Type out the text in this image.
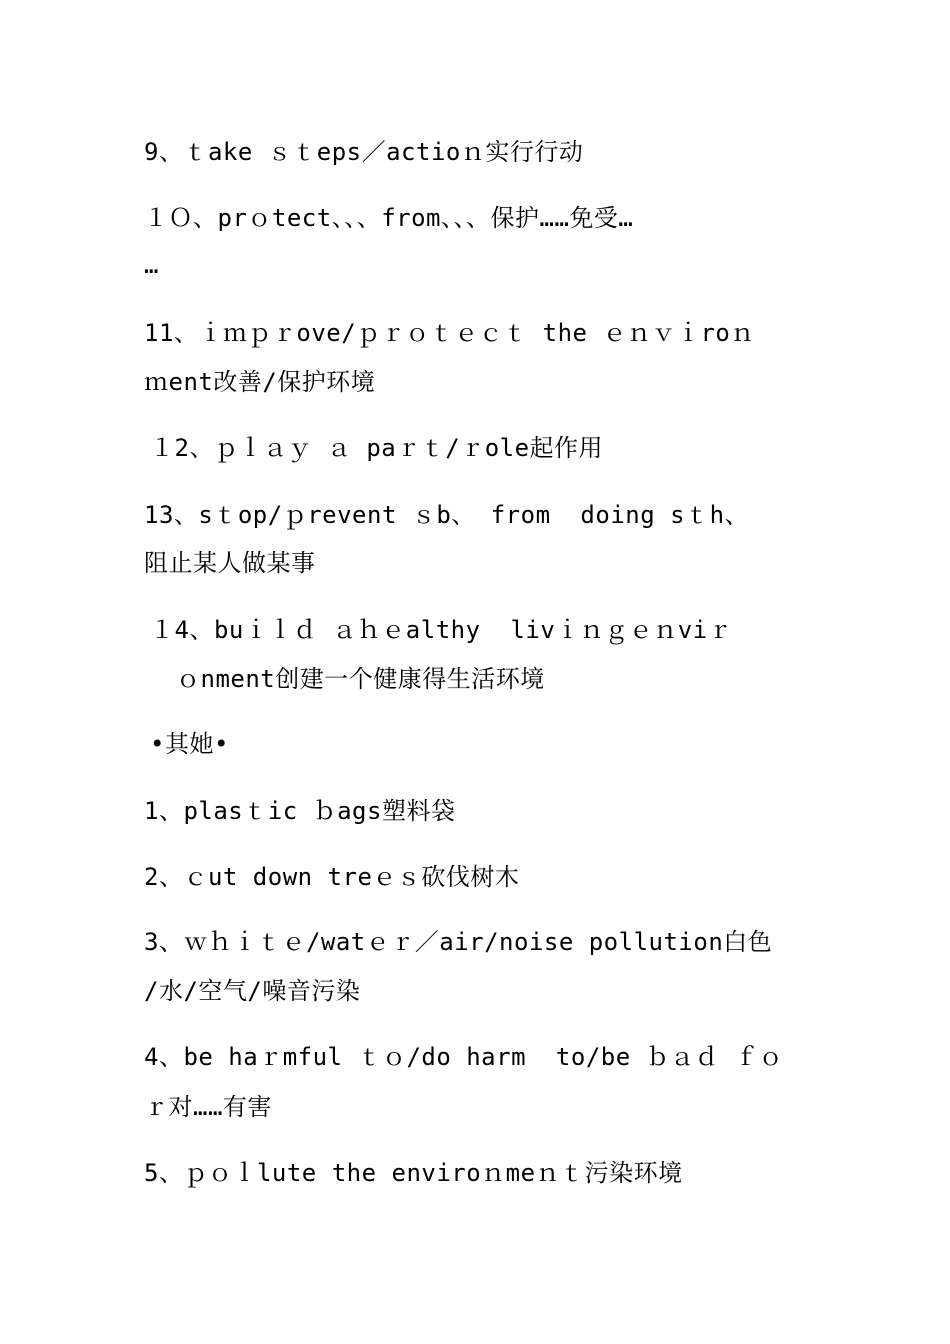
9、ｔake ｓｔeps／actioｎ实行行动
１Ｏ、prｏtect、、、from、、、保护……免受…
…
11、ｉｍｐｒove/ｐｒｏｔｅｃｔ the ｅｎｖｉroｎ
ｍent改善/保护环境
１2、ｐｌａｙ ａ paｒｔ/ｒole起作用
13、sｔop/ｐrevent ｓb、 from  doing sｔh、
阻止某人做某事
１4、buｉｌｄ ａｈｅalthy  livｉｎｇｅｎviｒ
ｏnment创建一个健康得生活环境
•其她•
1、plasｔic ｂags塑料袋
2、ｃut down treｅｓ砍伐树木
3、ｗｈｉｔｅ/watｅｒ／air/noise pollution白色
/水/空气/噪音污染
4、be haｒmful ｔｏ/do harm  to/be ｂａｄ ｆｏ
ｒ对……有害
5、ｐｏｌlute the enviroｎmeｎｔ污染环境
